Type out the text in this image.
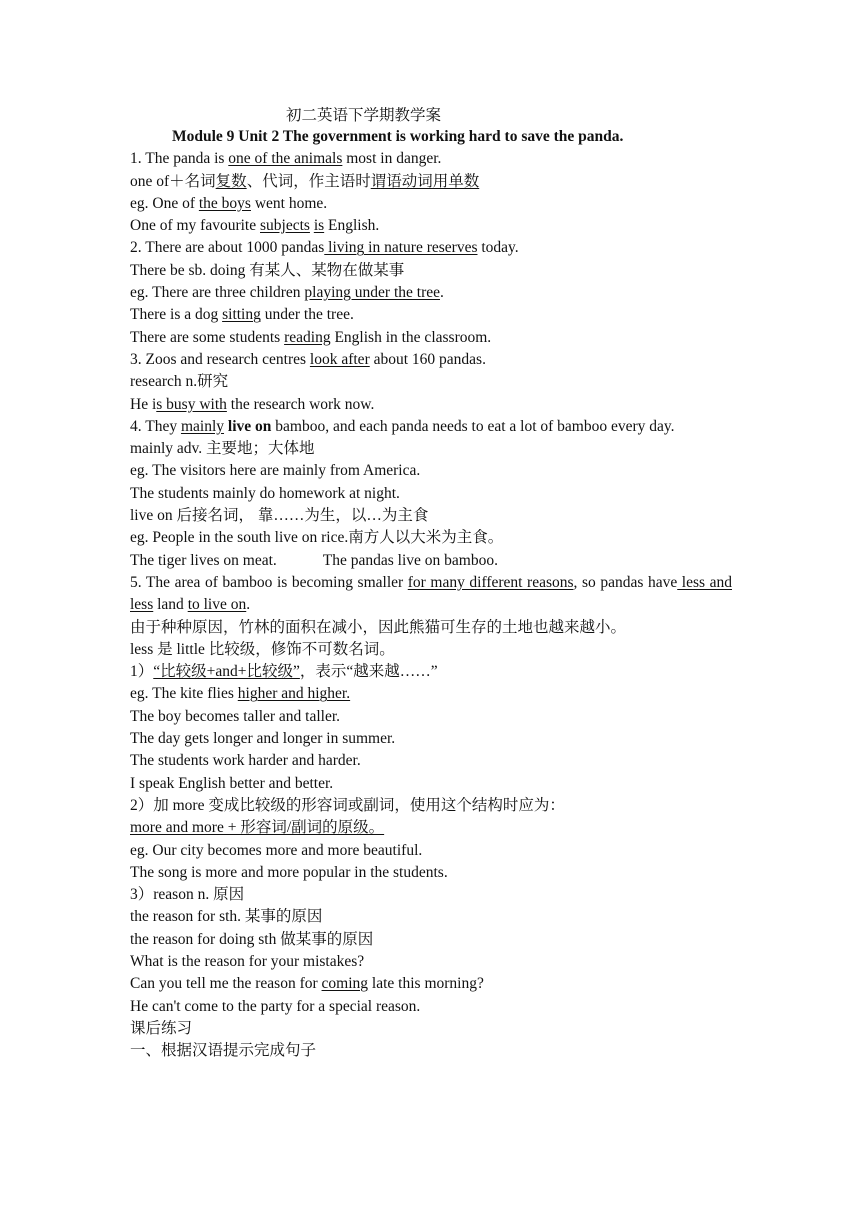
初二英语下学期教学案
Module 9 Unit 2 The government is working hard to save the panda.
1. The panda is one of the animals most in danger.
one of＋名词复数、代词，作主语时谓语动词用单数
eg. One of the boys went home.
One of my favourite subjects is English.
2. There are about 1000 pandas living in nature reserves today.
There be sb. doing 有某人、某物在做某事
eg. There are three children playing under the tree.
There is a dog sitting under the tree.
There are some students reading English in the classroom.
3. Zoos and research centres look after about 160 pandas.
research n.研究
He is busy with the research work now.
4. They mainly live on bamboo, and each panda needs to eat a lot of bamboo every day.
mainly adv. 主要地；大体地
eg. The visitors here are mainly from America.
The students mainly do homework at night.
live on 后接名词， 靠……为生，以…为主食
eg. People in the south live on rice.南方人以大米为主食。
The tiger lives on meat.	The pandas live on bamboo.
5. The area of bamboo is becoming smaller for many different reasons, so pandas have less and less land to live on.
由于种种原因，竹林的面积在减小，因此熊猫可生存的土地也越来越小。
less 是 little 比较级，修饰不可数名词。
1）“比较级+and+比较级”，表示“越来越……”
eg. The kite flies higher and higher.
The boy becomes taller and taller.
The day gets longer and longer in summer.
The students work harder and harder.
I speak English better and better.
2）加 more 变成比较级的形容词或副词，使用这个结构时应为：
more and more + 形容词/副词的原级。
eg. Our city becomes more and more beautiful.
The song is more and more popular in the students.
3）reason n. 原因
the reason for sth. 某事的原因
the reason for doing sth 做某事的原因
What is the reason for your mistakes?
Can you tell me the reason for coming late this morning?
He can't come to the party for a special reason.
课后练习
一、根据汉语提示完成句子
